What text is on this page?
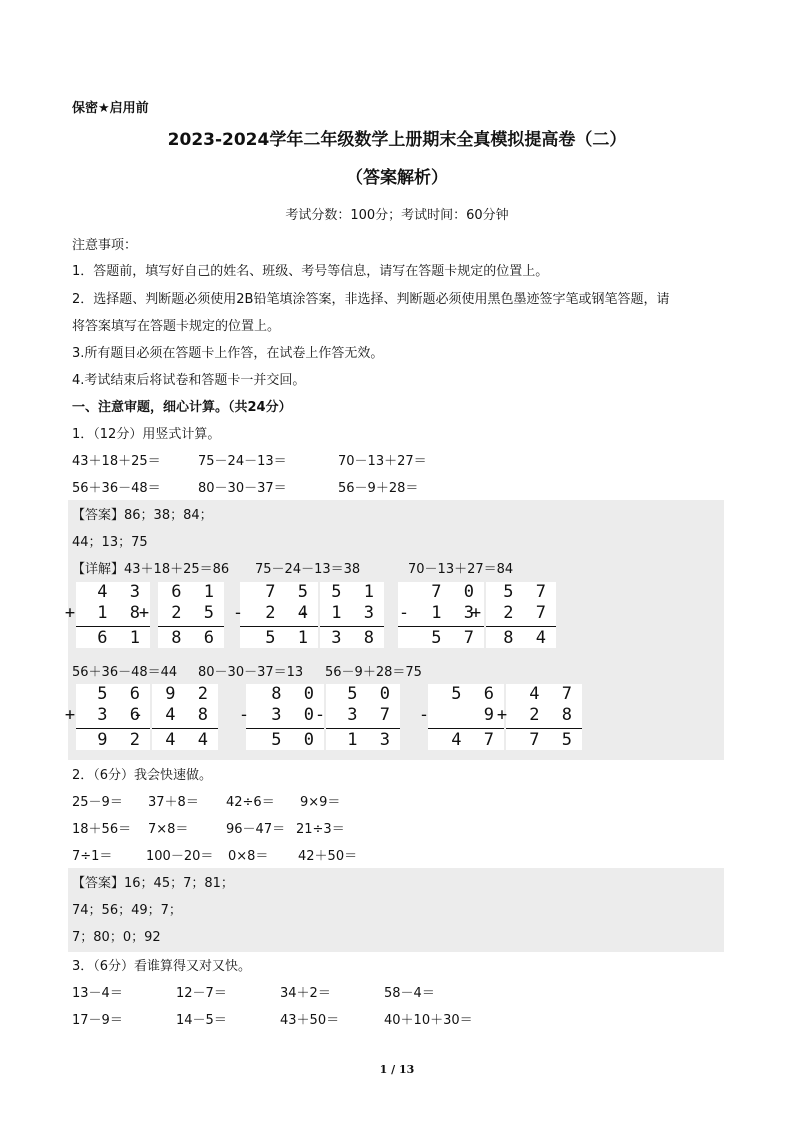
保密★启用前
2023-2024学年二年级数学上册期末全真模拟提高卷（二）
（答案解析）
考试分数：100分；考试时间：60分钟
注意事项：
1．答题前，填写好自己的姓名、班级、考号等信息，请写在答题卡规定的位置上。
2．选择题、判断题必须使用2B铅笔填涂答案，非选择、判断题必须使用黑色墨迹签字笔或钢笔答题，请
将答案填写在答题卡规定的位置上。
3.所有题目必须在答题卡上作答，在试卷上作答无效。
4.考试结束后将试卷和答题卡一并交回。
一、注意审题，细心计算。（共24分）
1．（12分）用竖式计算。
43＋18＋25＝	75－24－13＝	70－13＋27＝
56＋36－48＝	80－30－37＝	56－9＋28＝
【答案】86；38；84；
44；13；75
【详解】43＋18＋25＝86 75－24－13＝38	70－13＋27＝84
4 3
+ 1 8
6 1
6 1
+ 2 5
8 6
7 5
- 2 4
5 1
5 1
- 1 3
3 8
7 0
- 1 3
5 7
5 7
+ 2 7
8 4
56＋36－48＝44 80－30－37＝13 56－9＋28＝75
5 6
+ 3 6
9 2
9 2
- 4 8
4 4
8 0
- 3 0
5 0
5 0
- 3 7
1 3
5 6
-   9
4 7
4 7
+ 2 8
7 5
2．（6分）我会快速做。
25－9＝ 37＋8＝ 42÷6＝ 9×9＝
18＋56＝ 7×8＝	96－47＝ 21÷3＝
7÷1＝	100－20＝ 0×8＝ 42＋50＝
【答案】16；45；7；81；
74；56；49；7；
7；80；0；92
3．（6分）看谁算得又对又快。
13－4＝	12－7＝	34＋2＝	58－4＝
17－9＝	14－5＝	43＋50＝	40＋10＋30＝
1 / 13
